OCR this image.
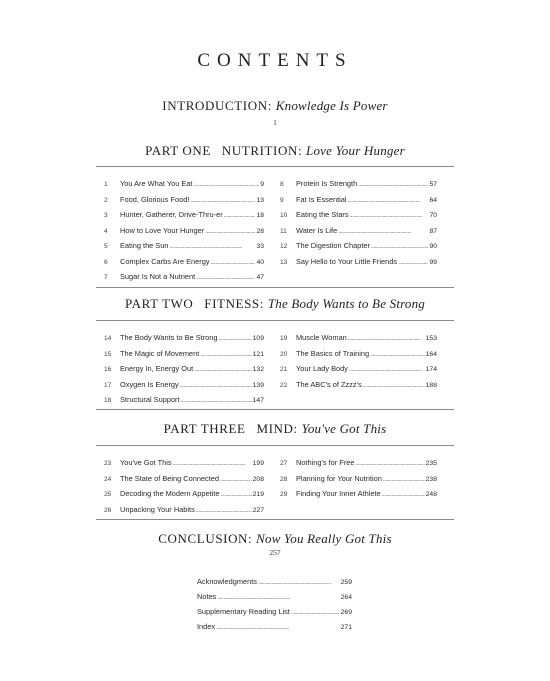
CONTENTS
INTRODUCTION: Knowledge Is Power
1
PART ONE NUTRITION: Love Your Hunger
1	You Are What You Eat . . .	9
2	Food, Glorious Food! . . .	13
3	Hunter, Gatherer, Drive-Thru-er . . .	18
4	How to Love Your Hunger . . .	28
5	Eating the Sun . . .	33
6	Complex Carbs Are Energy . . .	40
7	Sugar Is Not a Nutrient . . .	47
8	Protein Is Strength . . .	57
9	Fat Is Essential . . .	64
10	Eating the Stars . . .	70
11	Water Is Life . . .	87
12	The Digestion Chapter . . .	90
13	Say Hello to Your Little Friends . . .	99
PART TWO FITNESS: The Body Wants to Be Strong
14	The Body Wants to Be Strong . . .	109
15	The Magic of Movement . . .	121
16	Energy In, Energy Out . . .	132
17	Oxygen Is Energy . . .	139
18	Structural Support . . .	147
19	Muscle Woman . . .	153
20	The Basics of Training . . .	164
21	Your Lady Body . . .	174
22	The ABC's of Zzzz's . . .	188
PART THREE MIND: You've Got This
23	You've Got This . . .	199
24	The State of Being Connected . . .	208
25	Decoding the Modern Appetite . . .	219
26	Unpacking Your Habits . . .	227
27	Nothing's for Free . . .	235
28	Planning for Your Nutrition . . .	238
29	Finding Your Inner Athlete . . .	248
CONCLUSION: Now You Really Got This
257
Acknowledgments . . .	259
Notes . . .	264
Supplementary Reading List . . .	269
Index . . .	271
